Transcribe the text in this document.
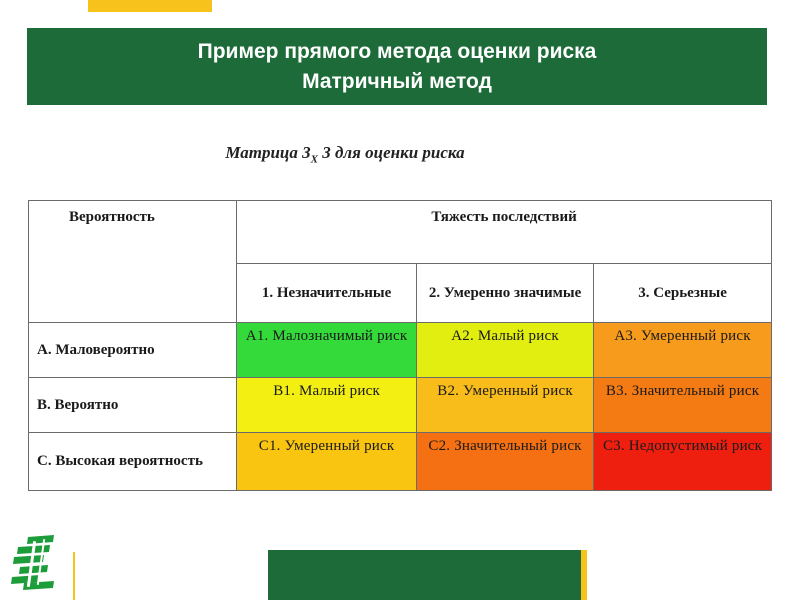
Пример прямого метода оценки риска
Матричный метод
Матрица $3_X$ 3 для оценки риска
Вероятность	Тяжесть последствий		
	1. Незначительные	2. Умеренно значимые	3. Серьезные
А. Маловероятно	А1. Малозначимый риск	А2. Малый риск	А3. Умеренный риск
В. Вероятно	В1. Малый риск	В2. Умеренный риск	В3. Значительный риск
С. Высокая вероятность	С1. Умеренный риск	С2. Значительный риск	С3. Недопустимый риск
